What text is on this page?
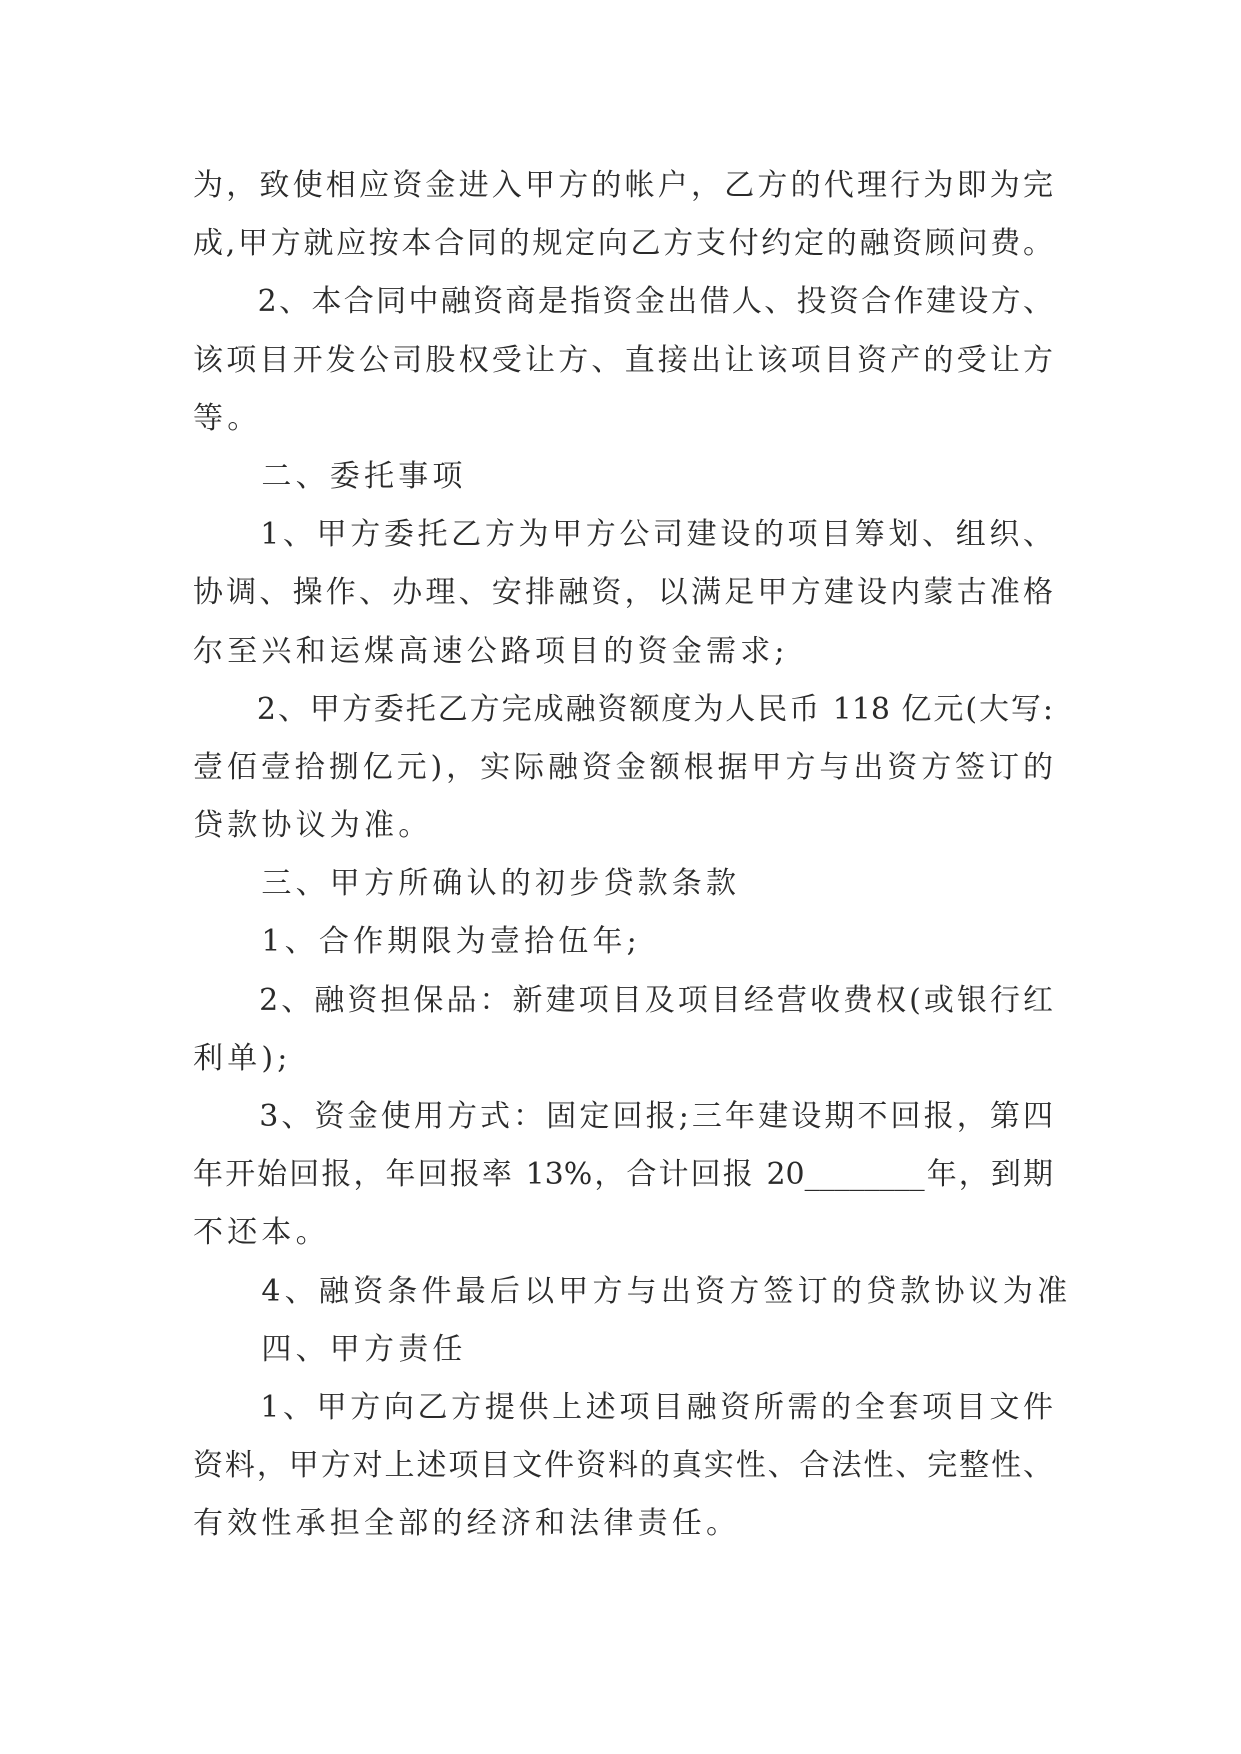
为，致使相应资金进入甲方的帐户，乙方的代理行为即为完
成,甲方就应按本合同的规定向乙方支付约定的融资顾问费。
　　2、本合同中融资商是指资金出借人、投资合作建设方、
该项目开发公司股权受让方、直接出让该项目资产的受让方
等。
　　二、委托事项
　　1、甲方委托乙方为甲方公司建设的项目筹划、组织、
协调、操作、办理、安排融资，以满足甲方建设内蒙古准格
尔至兴和运煤高速公路项目的资金需求;
　　2、甲方委托乙方完成融资额度为人民币 118 亿元(大写:
壹佰壹拾捌亿元)，实际融资金额根据甲方与出资方签订的
贷款协议为准。
　　三、甲方所确认的初步贷款条款
　　1、合作期限为壹拾伍年;
　　2、融资担保品：新建项目及项目经营收费权(或银行红
利单);
　　3、资金使用方式：固定回报;三年建设期不回报，第四
年开始回报，年回报率 13%，合计回报 20________年，到期
不还本。
　　4、融资条件最后以甲方与出资方签订的贷款协议为准
　　四、甲方责任
　　1、甲方向乙方提供上述项目融资所需的全套项目文件
资料，甲方对上述项目文件资料的真实性、合法性、完整性、
有效性承担全部的经济和法律责任。
